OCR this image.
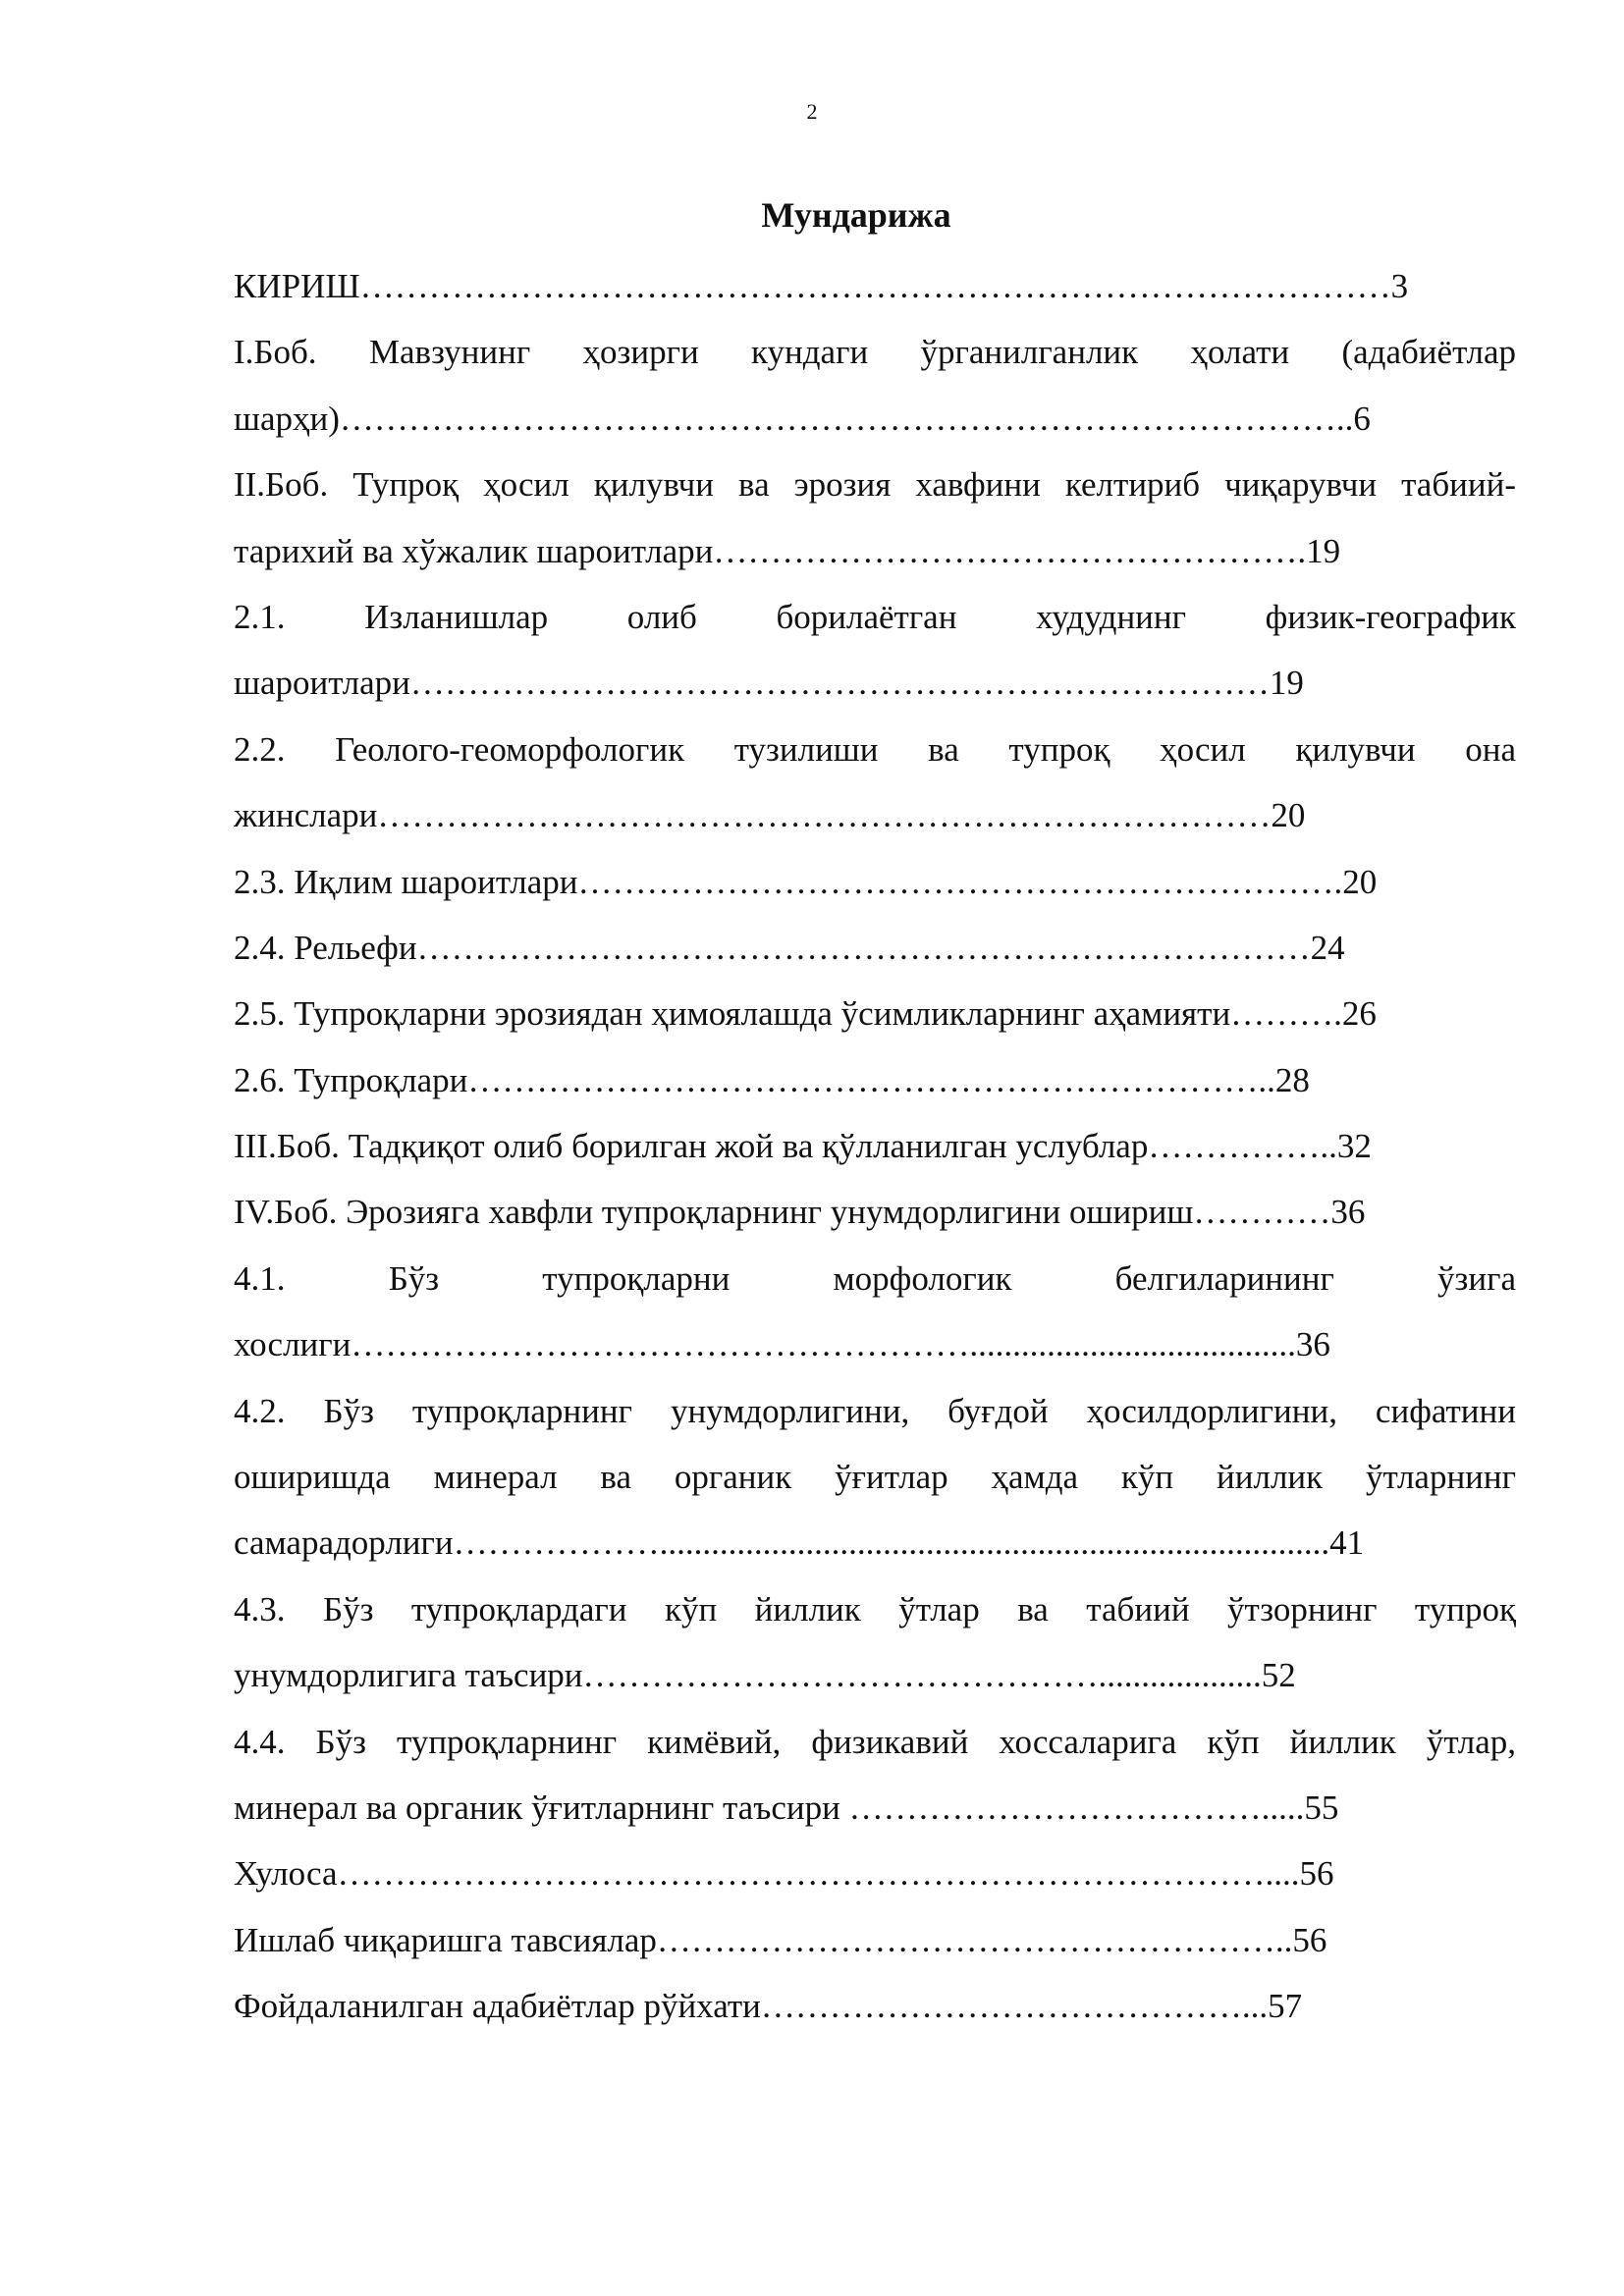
2
Мундарижа

КИРИШ………………………………………………………………………………3

I.Боб. Мавзунинг ҳозирги кундаги ўрганилганлик ҳолати (адабиётлар
шарҳи)……………………………………………………………………………..6

II.Боб. Тупроқ ҳосил қилувчи ва эрозия хавфини келтириб чиқарувчи табиий-
тарихий ва хўжалик шароитлари…………………………………………….19

2.1. Изланишлар олиб борилаётган худуднинг физик-географик
шароитлари…………………………………………………………………19

2.2. Геолого-геоморфологик тузилиши ва тупроқ ҳосил қилувчи она
жинслари……………………………………………………………………20

2.3. Иқлим шароитлари………………………………………………………….20

2.4. Рельефи……………………………………………………………………24

2.5. Тупроқларни эрозиядан ҳимоялашда ўсимликларнинг аҳамияти……….26

2.6. Тупроқлари……………………………………………………………..28

III.Боб. Тадқиқот олиб борилган жой ва қўлланилган услублар……………..32

IV.Боб. Эрозияга хавфли тупроқларнинг унумдорлигини ошириш…………36

4.1. Бўз тупроқларни морфологик белгиларининг ўзига
хослиги………………………………………………......................................36

4.2. Бўз тупроқларнинг унумдорлигини, буғдой ҳосилдорлигини, сифатини
оширишда минерал ва органик ўғитлар ҳамда кўп йиллик ўтларнинг
самарадорлиги………………..............................................................................41

4.3. Бўз тупроқлардаги кўп йиллик ўтлар ва табиий ўтзорнинг тупроқ
унумдорлигига таъсири………………………………………...................52

4.4. Бўз тупроқларнинг кимёвий, физикавий хоссаларига кўп йиллик ўтлар,
минерал ва органик ўғитларнинг таъсири ……………………………….....55

Хулоса………………………………………………………………………....56

Ишлаб чиқаришга тавсиялар………………………………………………..56

Фойдаланилган адабиётлар рўйхати……………………………………...57
